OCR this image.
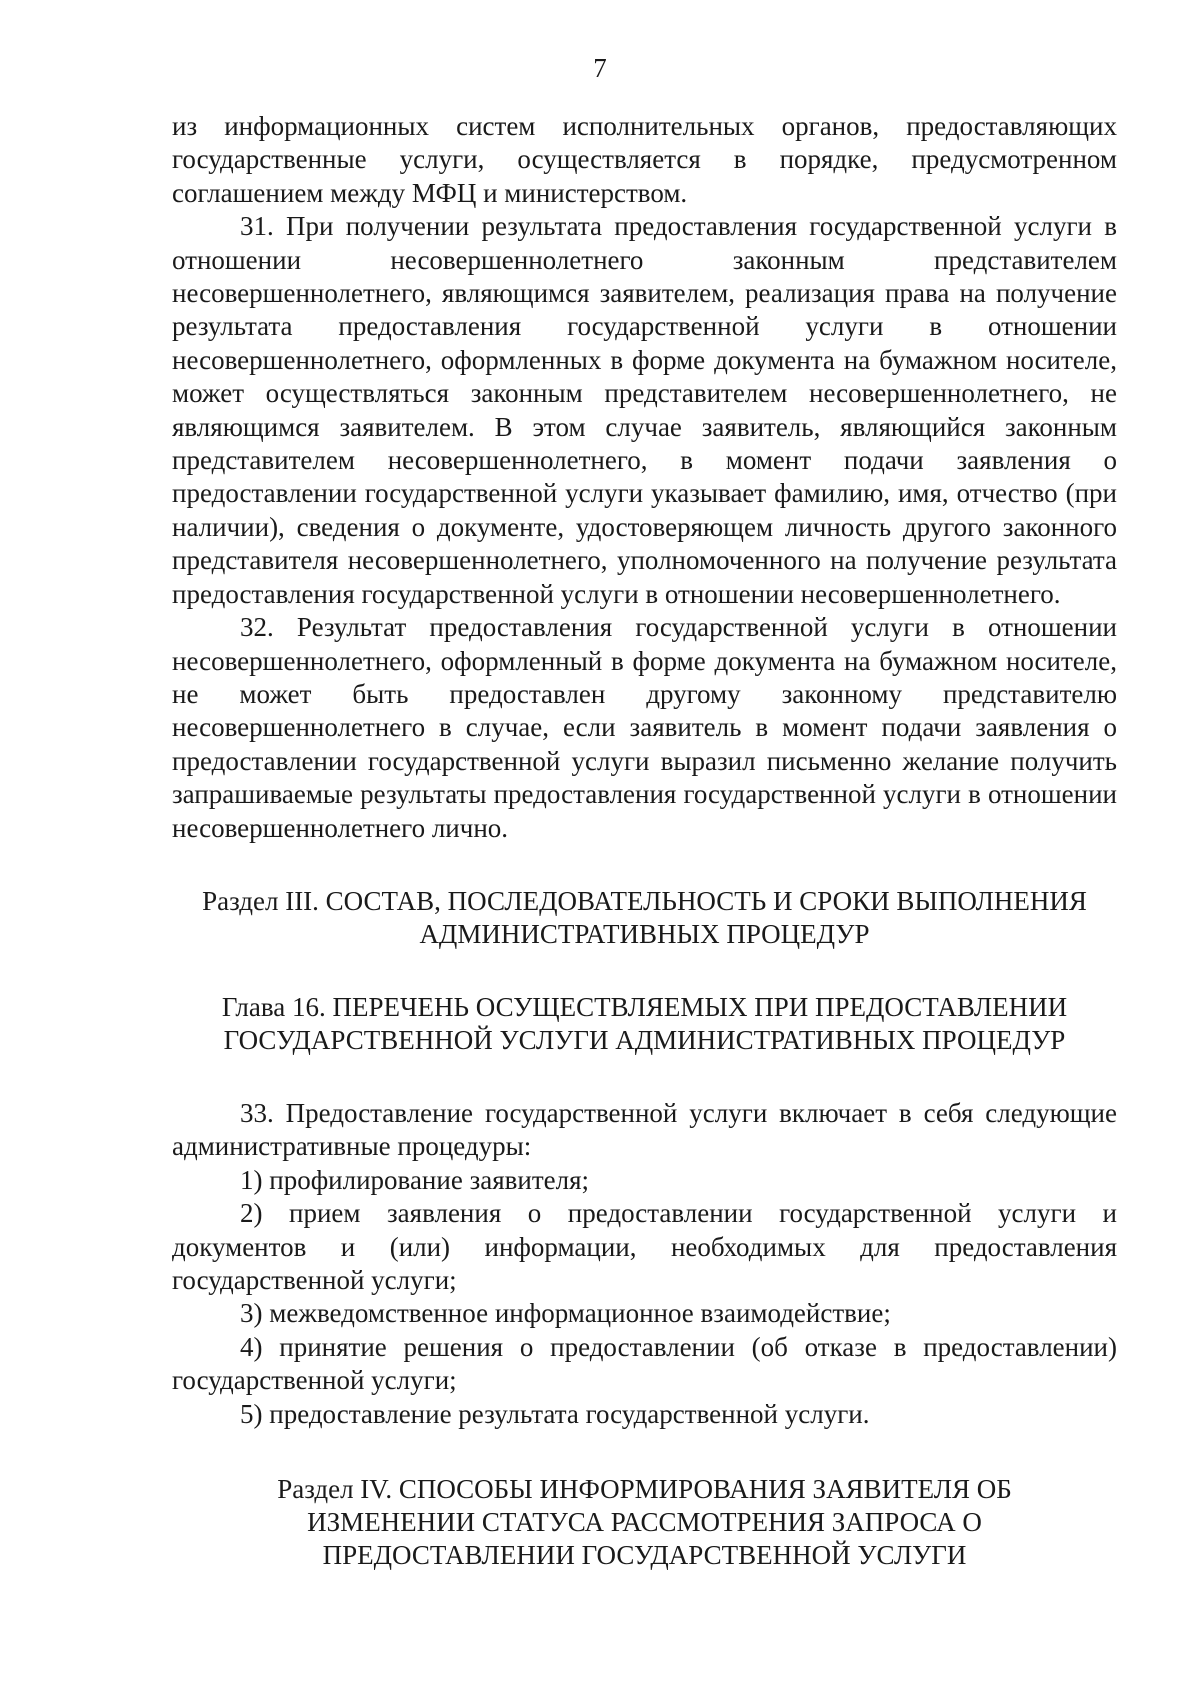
7

из информационных систем исполнительных органов, предоставляющих государственные услуги, осуществляется в порядке, предусмотренном соглашением между МФЦ и министерством.

31. При получении результата предоставления государственной услуги в отношении несовершеннолетнего законным представителем несовершеннолетнего, являющимся заявителем, реализация права на получение результата предоставления государственной услуги в отношении несовершеннолетнего, оформленных в форме документа на бумажном носителе, может осуществляться законным представителем несовершеннолетнего, не являющимся заявителем. В этом случае заявитель, являющийся законным представителем несовершеннолетнего, в момент подачи заявления о предоставлении государственной услуги указывает фамилию, имя, отчество (при наличии), сведения о документе, удостоверяющем личность другого законного представителя несовершеннолетнего, уполномоченного на получение результата предоставления государственной услуги в отношении несовершеннолетнего.

32. Результат предоставления государственной услуги в отношении несовершеннолетнего, оформленный в форме документа на бумажном носителе, не может быть предоставлен другому законному представителю несовершеннолетнего в случае, если заявитель в момент подачи заявления о предоставлении государственной услуги выразил письменно желание получить запрашиваемые результаты предоставления государственной услуги в отношении несовершеннолетнего лично.

Раздел III. СОСТАВ, ПОСЛЕДОВАТЕЛЬНОСТЬ И СРОКИ ВЫПОЛНЕНИЯ
АДМИНИСТРАТИВНЫХ ПРОЦЕДУР
Глава 16. ПЕРЕЧЕНЬ ОСУЩЕСТВЛЯЕМЫХ ПРИ ПРЕДОСТАВЛЕНИИ
ГОСУДАРСТВЕННОЙ УСЛУГИ АДМИНИСТРАТИВНЫХ ПРОЦЕДУР

33. Предоставление государственной услуги включает в себя следующие административные процедуры:

1) профилирование заявителя;

2) прием заявления о предоставлении государственной услуги и документов и (или) информации, необходимых для предоставления государственной услуги;

3) межведомственное информационное взаимодействие;

4) принятие решения о предоставлении (об отказе в предоставлении) государственной услуги;

5) предоставление результата государственной услуги.

Раздел IV. СПОСОБЫ ИНФОРМИРОВАНИЯ ЗАЯВИТЕЛЯ ОБ
ИЗМЕНЕНИИ СТАТУСА РАССМОТРЕНИЯ ЗАПРОСА О
ПРЕДОСТАВЛЕНИИ ГОСУДАРСТВЕННОЙ УСЛУГИ
